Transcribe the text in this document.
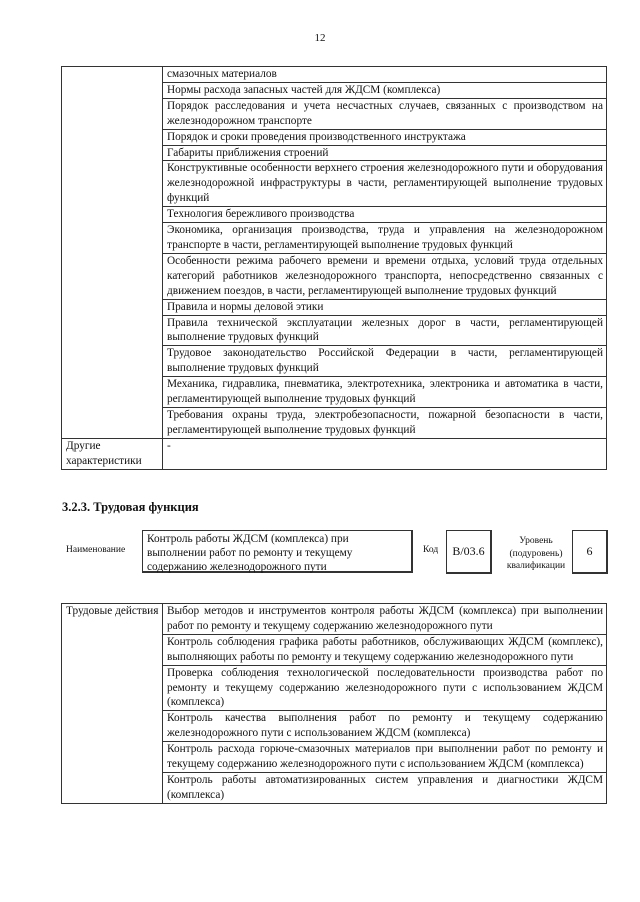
12
	смазочных материалов
	Нормы расхода запасных частей для ЖДСМ (комплекса)
	Порядок расследования и учета несчастных случаев, связанных с производством на железнодорожном транспорте
	Порядок и сроки проведения производственного инструктажа
	Габариты приближения строений
	Конструктивные особенности верхнего строения железнодорожного пути и оборудования железнодорожной инфраструктуры в части, регламентирующей выполнение трудовых функций
	Технология бережливого производства
	Экономика, организация производства, труда и управления на железнодорожном транспорте в части, регламентирующей выполнение трудовых функций
	Особенности режима рабочего времени и времени отдыха, условий труда отдельных категорий работников железнодорожного транспорта, непосредственно связанных с движением поездов, в части, регламентирующей выполнение трудовых функций
	Правила и нормы деловой этики
	Правила технической эксплуатации железных дорог в части, регламентирующей выполнение трудовых функций
	Трудовое законодательство Российской Федерации в части, регламентирующей выполнение трудовых функций
	Механика, гидравлика, пневматика, электротехника, электроника и автоматика в части, регламентирующей выполнение трудовых функций
	Требования охраны труда, электробезопасности, пожарной безопасности в части, регламентирующей выполнение трудовых функций
Другие характеристики	-
3.2.3. Трудовая функция
Наименование
Контроль работы ЖДСМ (комплекса) при выполнении работ по ремонту и текущему содержанию железнодорожного пути
Код	B/03.6
Уровень (подуровень) квалификации
6
Трудовые действия	Выбор методов и инструментов контроля работы ЖДСМ (комплекса) при выполнении работ по ремонту и текущему содержанию железнодорожного пути
Контроль соблюдения графика работы работников, обслуживающих ЖДСМ (комплекс), выполняющих работы по ремонту и текущему содержанию железнодорожного пути
Проверка соблюдения технологической последовательности производства работ по ремонту и текущему содержанию железнодорожного пути с использованием ЖДСМ (комплекса)
Контроль качества выполнения работ по ремонту и текущему содержанию железнодорожного пути с использованием ЖДСМ (комплекса)
Контроль расхода горюче-смазочных материалов при выполнении работ по ремонту и текущему содержанию железнодорожного пути с использованием ЖДСМ (комплекса)
Контроль работы автоматизированных систем управления и диагностики ЖДСМ (комплекса)
